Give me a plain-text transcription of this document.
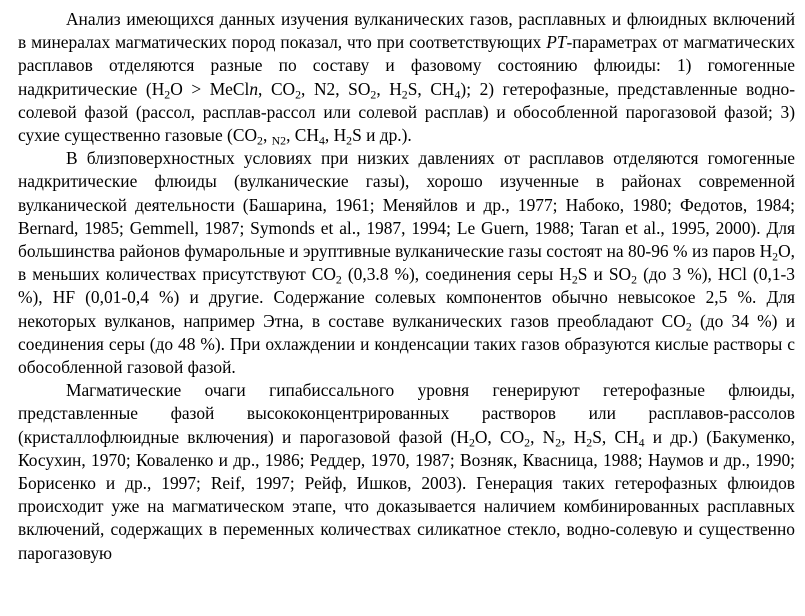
Анализ имеющихся данных изучения вулканических газов, расплавных и флюидных включений в минералах магматических пород показал, что при соответствующих PT-параметрах от магматических расплавов отделяются разные по составу и фазовому состоянию флюиды: 1) гомогенные надкритические ($H_2O > MeCln$, $CO_2$, N2, $SO_2$, $H_2S$, $CH_4$); 2) гетерофазные, представленные водно-солевой фазой (рассол, расплав-рассол или солевой расплав) и обособленной парогазовой фазой; 3) сухие существенно газовые ($CO_2$, $_{N2}$, $CH_4$, $H_2S$ и др.).

В близповерхностных условиях при низких давлениях от расплавов отделяются гомогенные надкритические флюиды (вулканические газы), хорошо изученные в районах современной вулканической деятельности (Башарина, 1961; Меняйлов и др., 1977; Набоко, 1980; Федотов, 1984; Bernard, 1985; Gemmell, 1987; Symonds et al., 1987, 1994; Le Guern, 1988; Taran et al., 1995, 2000). Для большинства районов фумарольные и эруптивные вулканические газы состоят на 80-96 % из паров $H_2O$, в меньших количествах присутствуют $CO_2$ (0,3.8 %), соединения серы $H_2S$ и $SO_2$ (до 3 %), HCl (0,1-3 %), HF (0,01-0,4 %) и другие. Содержание солевых компонентов обычно невысокое 2,5 %. Для некоторых вулканов, например Этна, в составе вулканических газов преобладают $CO_2$ (до 34 %) и соединения серы (до 48 %). При охлаждении и конденсации таких газов образуются кислые растворы с обособленной газовой фазой.

Магматические очаги гипабиссального уровня генерируют гетерофазные флюиды, представленные фазой высококонцентрированных растворов или расплавов-рассолов (кристаллофлюидные включения) и парогазовой фазой ($H_2O$, $CO_2$, $N_2$, $H_2S$, $CH_4$ и др.) (Бакуменко, Косухин, 1970; Коваленко и др., 1986; Реддер, 1970, 1987; Возняк, Квасница, 1988; Наумов и др., 1990; Борисенко и др., 1997; Reif, 1997; Рейф, Ишков, 2003). Генерация таких гетерофазных флюидов происходит уже на магматическом этапе, что доказывается наличием комбинированных расплавных включений, содержащих в переменных количествах силикатное стекло, водно-солевую и существенно парогазовую
